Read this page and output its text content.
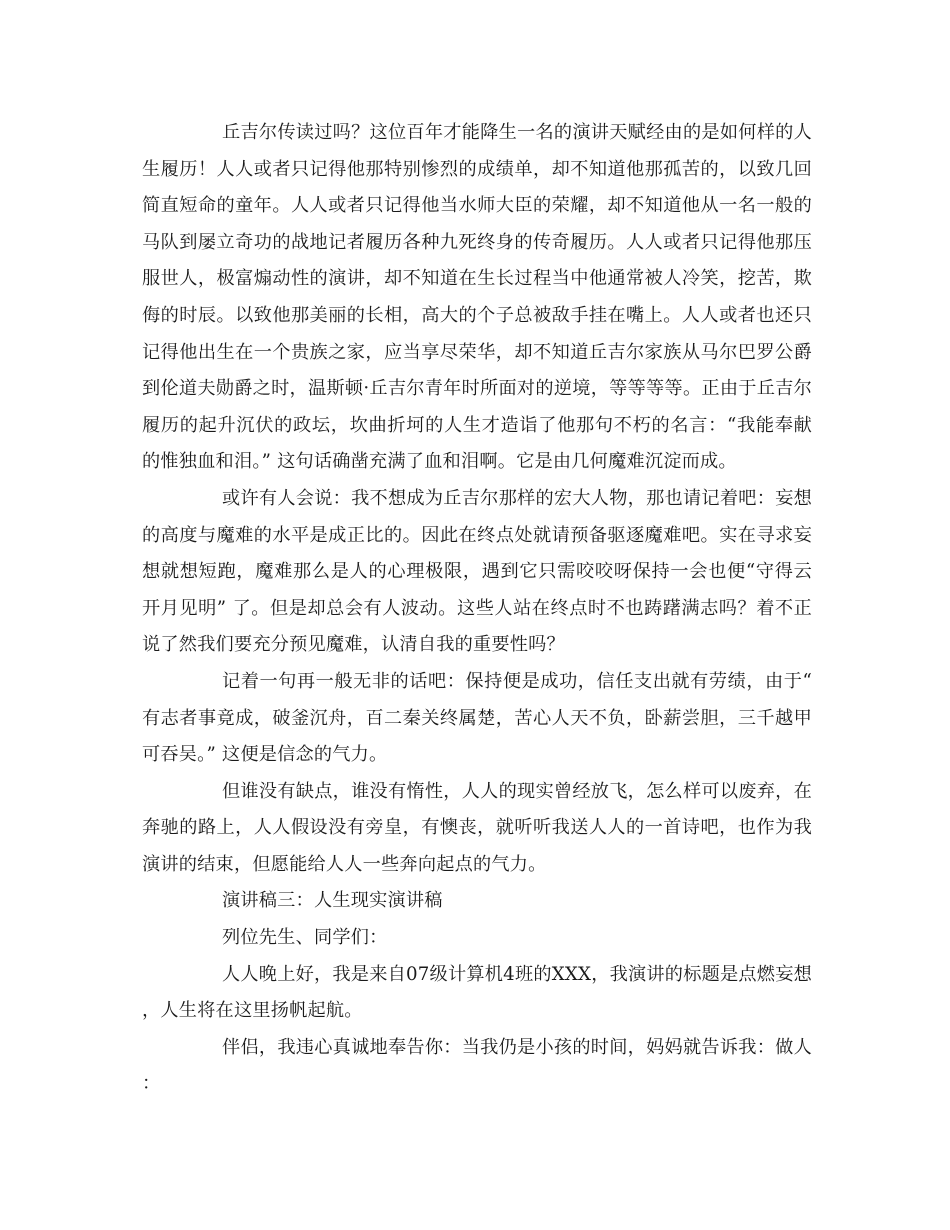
丘吉尔传读过吗？这位百年才能降生一名的演讲天赋经由的是如何样的人生履历！人人或者只记得他那特别惨烈的成绩单，却不知道他那孤苦的，以致几回简直短命的童年。人人或者只记得他当水师大臣的荣耀，却不知道他从一名一般的马队到屡立奇功的战地记者履历各种九死终身的传奇履历。人人或者只记得他那压服世人，极富煽动性的演讲，却不知道在生长过程当中他通常被人冷笑，挖苦，欺侮的时辰。以致他那美丽的长相，高大的个子总被敌手挂在嘴上。人人或者也还只记得他出生在一个贵族之家，应当享尽荣华，却不知道丘吉尔家族从马尔巴罗公爵到伦道夫勋爵之时，温斯顿·丘吉尔青年时所面对的逆境，等等等等。正由于丘吉尔履历的起升沉伏的政坛，坎曲折坷的人生才造诣了他那句不朽的名言：“我能奉献的惟独血和泪。” 这句话确凿充满了血和泪啊。它是由几何魔难沉淀而成。

或许有人会说：我不想成为丘吉尔那样的宏大人物，那也请记着吧：妄想的高度与魔难的水平是成正比的。因此在终点处就请预备驱逐魔难吧。实在寻求妄想就想短跑，魔难那么是人的心理极限，遇到它只需咬咬呀保持一会也便“守得云开月见明” 了。但是却总会有人波动。这些人站在终点时不也踌躇满志吗？着不正说了然我们要充分预见魔难，认清自我的重要性吗？

记着一句再一般无非的话吧：保持便是成功，信任支出就有劳绩，由于“有志者事竟成，破釜沉舟，百二秦关终属楚，苦心人天不负，卧薪尝胆，三千越甲可吞吴。” 这便是信念的气力。

但谁没有缺点，谁没有惰性，人人的现实曾经放飞，怎么样可以废弃，在奔驰的路上，人人假设没有旁皇，有懊丧，就听听我送人人的一首诗吧，也作为我演讲的结束，但愿能给人人一些奔向起点的气力。

演讲稿三：人生现实演讲稿

列位先生、同学们：

人人晚上好，我是来自07级计算机4班的XXX，我演讲的标题是点燃妄想，人生将在这里扬帆起航。

伴侣，我违心真诚地奉告你：当我仍是小孩的时间，妈妈就告诉我：做人：
